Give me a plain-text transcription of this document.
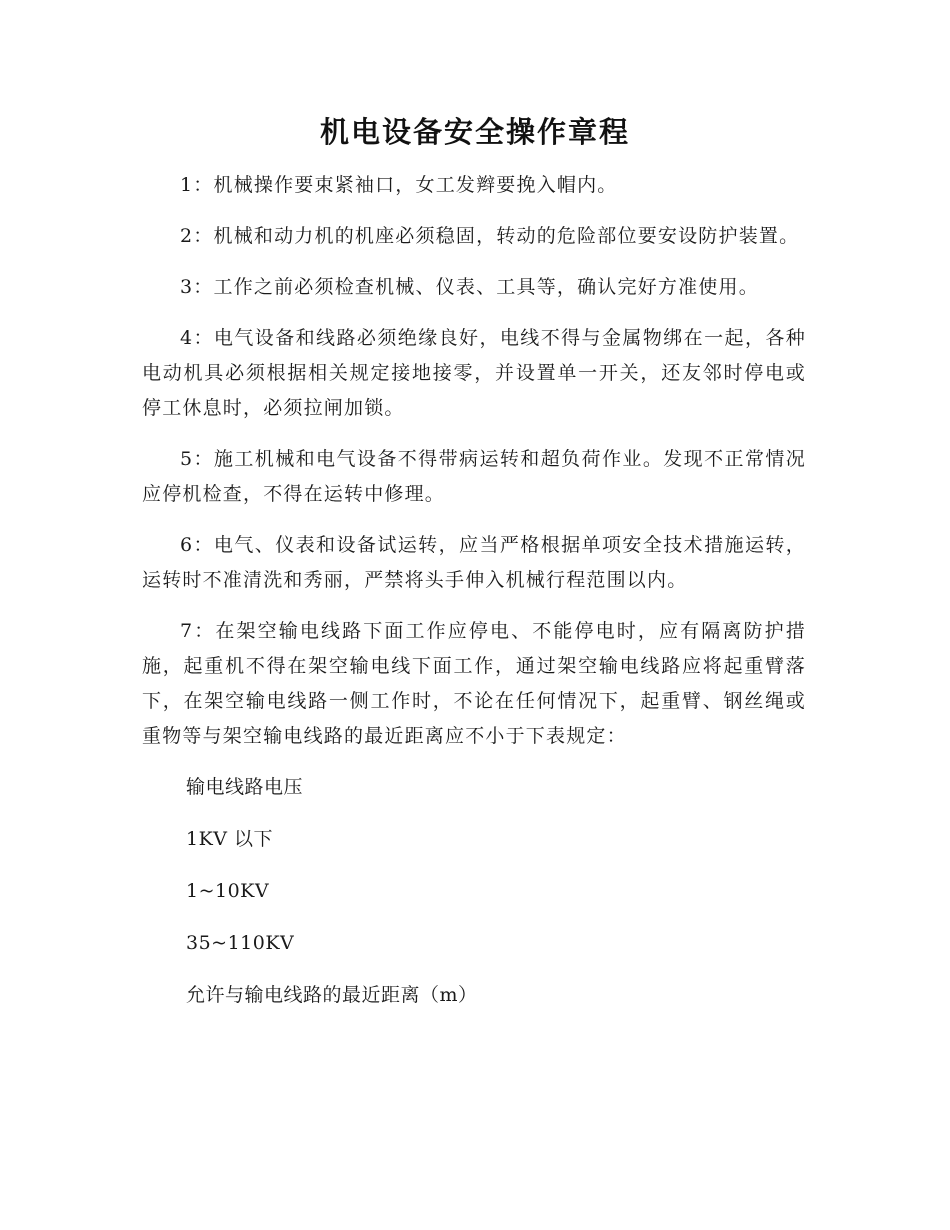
机电设备安全操作章程

1：机械操作要束紧袖口，女工发辫要挽入帽内。

2：机械和动力机的机座必须稳固，转动的危险部位要安设防护装置。

3：工作之前必须检查机械、仪表、工具等，确认完好方准使用。

4：电气设备和线路必须绝缘良好，电线不得与金属物绑在一起，各种电动机具必须根据相关规定接地接零，并设置单一开关，还友邻时停电或停工休息时，必须拉闸加锁。

5：施工机械和电气设备不得带病运转和超负荷作业。发现不正常情况应停机检查，不得在运转中修理。

6：电气、仪表和设备试运转，应当严格根据单项安全技术措施运转，运转时不准清洗和秀丽，严禁将头手伸入机械行程范围以内。

7：在架空输电线路下面工作应停电、不能停电时，应有隔离防护措施，起重机不得在架空输电线下面工作，通过架空输电线路应将起重臂落下，在架空输电线路一侧工作时，不论在任何情况下，起重臂、钢丝绳或重物等与架空输电线路的最近距离应不小于下表规定：

输电线路电压

1KV 以下

1~10KV

35~110KV

允许与输电线路的最近距离（m）
